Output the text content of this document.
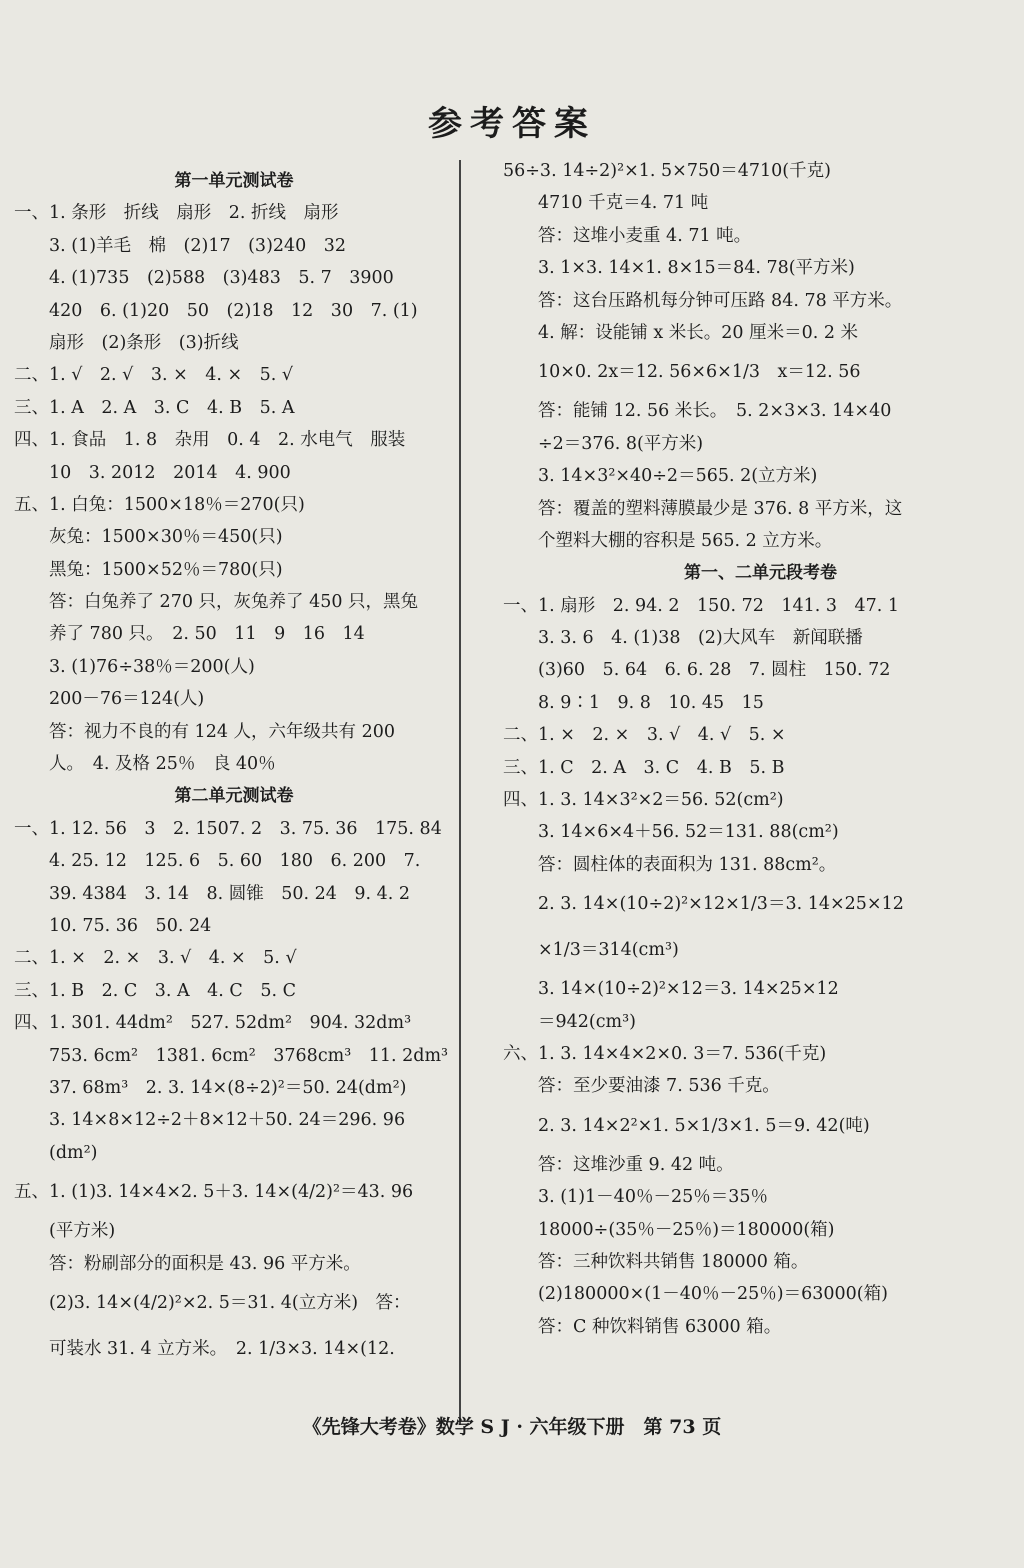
参考答案
第一单元测试卷
一、1. 条形　折线　扇形　2. 折线　扇形
　　3. (1)羊毛　棉　(2)17　(3)240　32
　　4. (1)735　(2)588　(3)483　5. 7　3900
　　420　6. (1)20　50　(2)18　12　30　7. (1)
　　扇形　(2)条形　(3)折线
二、1. √　2. √　3. ×　4. ×　5. √
三、1. A　2. A　3. C　4. B　5. A
四、1. 食品　1. 8　杂用　0. 4　2. 水电气　服装
　　10　3. 2012　2014　4. 900
五、1. 白兔：1500×18％＝270(只)
　　灰兔：1500×30％＝450(只)
　　黑兔：1500×52％＝780(只)
　　答：白兔养了 270 只，灰兔养了 450 只，黑兔
　　养了 780 只。　2. 50　11　9　16　14
　　3. (1)76÷38％＝200(人)
　　200－76＝124(人)
　　答：视力不良的有 124 人，六年级共有 200
　　人。　4. 及格 25％　良 40％
第二单元测试卷
一、1. 12. 56　3　2. 1507. 2　3. 75. 36　175. 84
　　4. 25. 12　125. 6　5. 60　180　6. 200　7.
　　39. 4384　3. 14　8. 圆锥　50. 24　9. 4. 2
　　10. 75. 36　50. 24
二、1. ×　2. ×　3. √　4. ×　5. √
三、1. B　2. C　3. A　4. C　5. C
四、1. 301. 44dm²　527. 52dm²　904. 32dm³
　　753. 6cm²　1381. 6cm²　3768cm³　11. 2dm³
　　37. 68m³　2. 3. 14×(8÷2)²＝50. 24(dm²)
　　3. 14×8×12÷2＋8×12＋50. 24＝296. 96
　　(dm²)
五、1. (1)3. 14×4×2. 5＋3. 14×(4/2)²＝43. 96
　　(平方米)
　　答：粉刷部分的面积是 43. 96 平方米。
　　(2)3. 14×(4/2)²×2. 5＝31. 4(立方米)　答：
　　可装水 31. 4 立方米。　2. 1/3×3. 14×(12.
56÷3. 14÷2)²×1. 5×750＝4710(千克)
　　4710 千克＝4. 71 吨
　　答：这堆小麦重 4. 71 吨。
　　3. 1×3. 14×1. 8×15＝84. 78(平方米)
　　答：这台压路机每分钟可压路 84. 78 平方米。
　　4. 解：设能铺 x 米长。20 厘米＝0. 2 米
　　10×0. 2x＝12. 56×6×1/3　x＝12. 56
　　答：能铺 12. 56 米长。　5. 2×3×3. 14×40
　　÷2＝376. 8(平方米)
　　3. 14×3²×40÷2＝565. 2(立方米)
　　答：覆盖的塑料薄膜最少是 376. 8 平方米，这
　　个塑料大棚的容积是 565. 2 立方米。
第一、二单元段考卷
一、1. 扇形　2. 94. 2　150. 72　141. 3　47. 1
　　3. 3. 6　4. (1)38　(2)大风车　新闻联播
　　(3)60　5. 64　6. 6. 28　7. 圆柱　150. 72
　　8. 9∶1　9. 8　10. 45　15
二、1. ×　2. ×　3. √　4. √　5. ×
三、1. C　2. A　3. C　4. B　5. B
四、1. 3. 14×3²×2＝56. 52(cm²)
　　3. 14×6×4＋56. 52＝131. 88(cm²)
　　答：圆柱体的表面积为 131. 88cm²。
　　2. 3. 14×(10÷2)²×12×1/3＝3. 14×25×12
　　×1/3＝314(cm³)
　　3. 14×(10÷2)²×12＝3. 14×25×12
　　＝942(cm³)
六、1. 3. 14×4×2×0. 3＝7. 536(千克)
　　答：至少要油漆 7. 536 千克。
　　2. 3. 14×2²×1. 5×1/3×1. 5＝9. 42(吨)
　　答：这堆沙重 9. 42 吨。
　　3. (1)1－40％－25％＝35％
　　18000÷(35％－25％)＝180000(箱)
　　答：三种饮料共销售 180000 箱。
　　(2)180000×(1－40％－25％)＝63000(箱)
　　答：C 种饮料销售 63000 箱。
《先锋大考卷》数学 S J · 六年级下册　第 73 页
